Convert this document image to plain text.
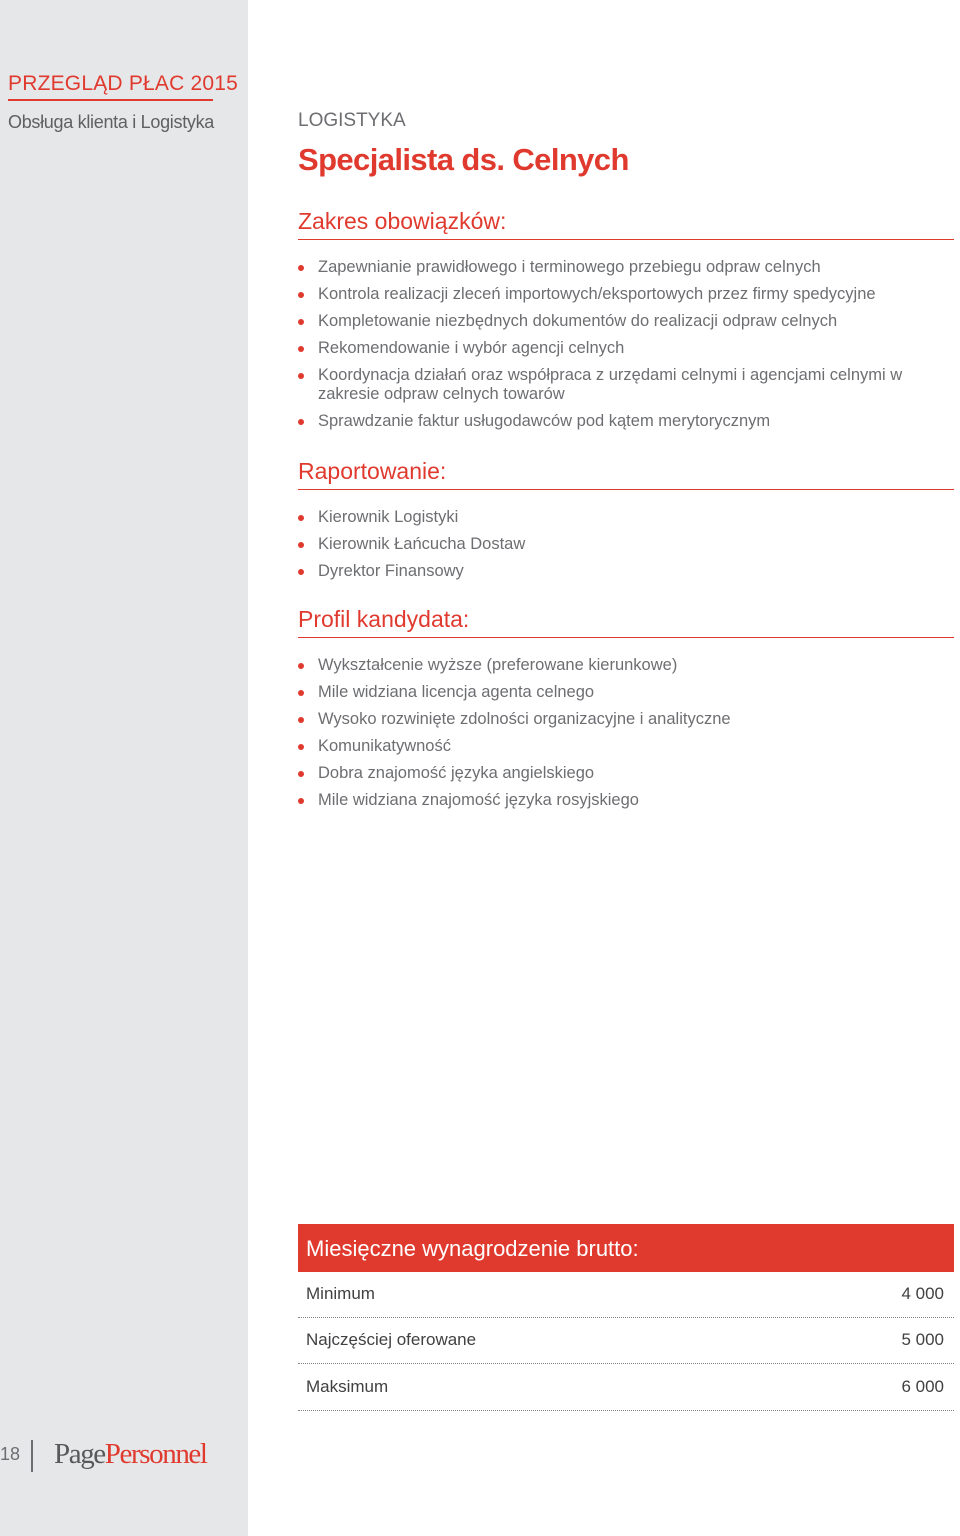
PRZEGLĄD PŁAC 2015
Obsługa klienta i Logistyka
18 PagePersonnel
LOGISTYKA
Specjalista ds. Celnych
Zakres obowiązków:
Zapewnianie prawidłowego i terminowego przebiegu odpraw celnych
Kontrola realizacji zleceń importowych/eksportowych przez firmy spedycyjne
Kompletowanie niezbędnych dokumentów do realizacji odpraw celnych
Rekomendowanie i wybór agencji celnych
Koordynacja działań oraz współpraca z urzędami celnymi i agencjami celnymi w zakresie odpraw celnych towarów
Sprawdzanie faktur usługodawców pod kątem merytorycznym
Raportowanie:
Kierownik Logistyki
Kierownik Łańcucha Dostaw
Dyrektor Finansowy
Profil kandydata:
Wykształcenie wyższe (preferowane kierunkowe)
Mile widziana licencja agenta celnego
Wysoko rozwinięte zdolności organizacyjne i analityczne
Komunikatywność
Dobra znajomość języka angielskiego
Mile widziana znajomość języka rosyjskiego
Miesięczne wynagrodzenie brutto:
Minimum	4 000
Najczęściej oferowane	5 000
Maksimum	6 000
